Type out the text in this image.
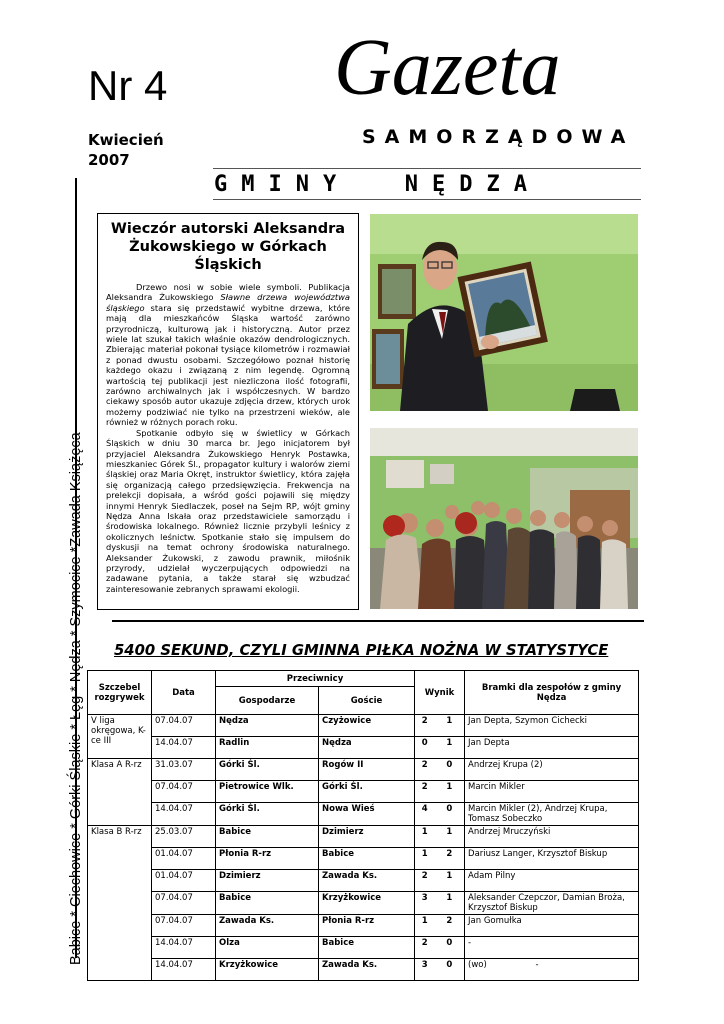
Nr 4 Gazeta
Kwiecień
2007
SAMORZĄDOWA
GMINY  NĘDZA
Babice * Ciechowice * Górki Śląskie * Łęg * Nędza * Szymocice *Zawada Książęca
Wieczór autorski Aleksandra Żukowskiego w Górkach Śląskich

Drzewo nosi w sobie wiele symboli. Publikacja Aleksandra Żukowskiego Sławne drzewa województwa śląskiego stara się przedstawić wybitne drzewa, które mają dla mieszkańców Śląska wartość zarówno przyrodniczą, kulturową jak i historyczną. Autor przez wiele lat szukał takich właśnie okazów dendrologicznych. Zbierając materiał pokonał tysiące kilometrów i rozmawiał z ponad dwustu osobami. Szczegółowo poznał historię każdego okazu i związaną z nim legendę. Ogromną wartością tej publikacji jest niezliczona ilość fotografii, zarówno archiwalnych jak i współczesnych. W bardzo ciekawy sposób autor ukazuje zdjęcia drzew, których urok możemy podziwiać nie tylko na przestrzeni wieków, ale również w różnych porach roku.

Spotkanie odbyło się w świetlicy w Górkach Śląskich w dniu 30 marca br. Jego inicjatorem był przyjaciel Aleksandra Żukowskiego Henryk Postawka, mieszkaniec Górek Śl., propagator kultury i walorów ziemi śląskiej oraz Maria Okręt, instruktor świetlicy, która zajęła się organizacją całego przedsięwzięcia. Frekwencja na prelekcji dopisała, a wśród gości pojawili się między innymi Henryk Siedlaczek, poseł na Sejm RP, wójt gminy Nędza Anna Iskała oraz przedstawiciele samorządu i środowiska lokalnego. Również licznie przybyli leśnicy z okolicznych leśnictw. Spotkanie stało się impulsem do dyskusji na temat ochrony środowiska naturalnego. Aleksander Żukowski, z zawodu prawnik, miłośnik przyrody, udzielał wyczerpujących odpowiedzi na zadawane pytania, a także starał się wzbudzać zainteresowanie zebranych sprawami ekologii.

5400 SEKUND, CZYLI GMINNA PIŁKA NOŻNA W STATYSTYCE
Szczebel rozgrywek	Data	Przeciwnicy		Wynik		Bramki dla zespołów z gminy Nędza
		Gospodarze	Goście			
V liga okręgowa, K-ce III	07.04.07	Nędza	Czyżowice	2	1	Jan Depta, Szymon Cichecki
	14.04.07	Radlin	Nędza	0	1	Jan Depta
Klasa A R-rz	31.03.07	Górki Śl.	Rogów II	2	0	Andrzej Krupa (2)
	07.04.07	Pietrowice Wlk.	Górki Śl.	2	1	Marcin Mikler
	14.04.07	Górki Śl.	Nowa Wieś	4	0	Marcin Mikler (2), Andrzej Krupa, Tomasz Sobeczko
Klasa B R-rz	25.03.07	Babice	Dzimierz	1	1	Andrzej Mruczyński
	01.04.07	Płonia R-rz	Babice	1	2	Dariusz Langer, Krzysztof Biskup
	01.04.07	Dzimierz	Zawada Ks.	2	1	Adam Pilny
	07.04.07	Babice	Krzyżkowice	3	1	Aleksander Czepczor, Damian Broża, Krzysztof Biskup
	07.04.07	Zawada Ks.	Płonia R-rz	1	2	Jan Gomułka
	14.04.07	Olza	Babice	2	0	-
	14.04.07	Krzyżkowice	Zawada Ks.	3	0	(wo)                  -
